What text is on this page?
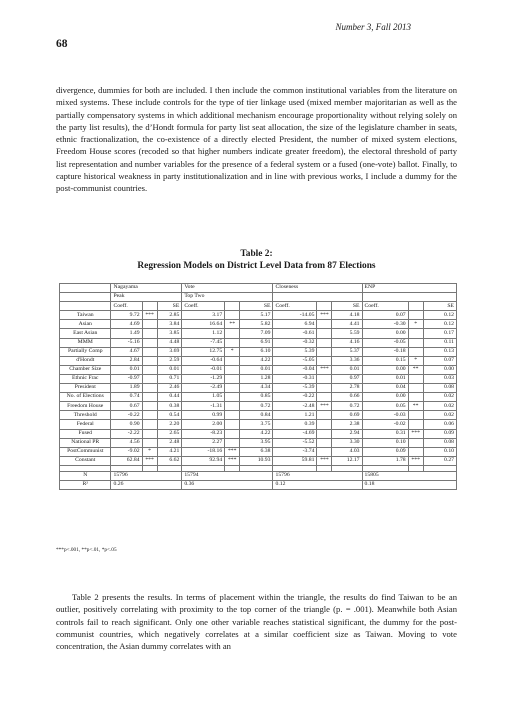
Number 3, Fall 2013
68

divergence, dummies for both are included. I then include the common institutional variables from the literature on mixed systems. These include controls for the type of tier linkage used (mixed member majoritarian as well as the partially compensatory systems in which additional mechanism encourage proportionality without relying solely on the party list results), the d’Hondt formula for party list seat allocation, the size of the legislature chamber in seats, ethnic fractionalization, the co-existence of a directly elected President, the number of mixed system elections, Freedom House scores (recoded so that higher numbers indicate greater freedom), the electoral threshold of party list representation and number variables for the presence of a federal system or a fused (one-vote) ballot. Finally, to capture historical weakness in party institutionalization and in line with previous works, I include a dummy for the post-communist countries.

Table 2:
Regression Models on District Level Data from 87 Elections
	Nagayama			Vote			Closeness			ENP		
	Peak			Top Two								
	Coeff.		SE	Coeff.		SE	Coeff.		SE	Coeff.		SE
Taiwan	9.72	***	2.85	3.17		5.17	-14.05	***	4.18	0.07		0.12
Asian	4.69		3.84	16.64	**	5.82	6.94		4.41	-0.30	*	0.12
East Asian	1.49		3.85	1.12		7.09	-0.61		5.59	0.00		0.17
MMM	-5.16		4.48	-7.45		6.91	-0.32		4.16	-0.05		0.11
Partially Comp	4.67		3.69	12.75	*	6.10	5.39		5.37	-0.18		0.13
d'Hondt	2.84		2.59	-0.64		4.22	-5.05		3.36	0.15	*	0.07
Chamber Size	0.01		0.01	-0.01		0.01	-0.04	***	0.01	0.00	**	0.00
Ethnic Frac	-0.97		0.71	-1.29		1.28	-0.31		0.97	0.01		0.03
President	1.89		2.46	-2.49		4.34	-5.39		2.78	0.04		0.08
No. of Elections	0.74		0.44	1.05		0.85	-0.22		0.66	0.00		0.02
Freedom House	0.67		0.38	-1.31		0.72	-2.48	***	0.72	0.05	**	0.02
Threshold	-0.22		0.54	0.99		0.84	1.21		0.69	-0.03		0.02
Federal	0.90		2.20	2.00		3.75	0.39		2.38	-0.02		0.06
Fused	-2.22		2.65	-8.23		4.22	-4.69		2.94	0.31	***	0.09
National PR	4.56		2.48	2.27		3.95	-5.52		3.30	0.10		0.08
PostCommunist	-9.02	*	4.21	-18.16	***	6.38	-3.74		4.03	0.09		0.10
Constant	62.84	***	6.62	92.94	***	10.93	59.81	***	12.17	1.78	***	0.27

N	15796			15794			15796			15805		
R²	0.26			0.36			0.12			0.18		
***p<.001, **p<.01, *p<.05

Table 2 presents the results. In terms of placement within the triangle, the results do find Taiwan to be an outlier, positively correlating with proximity to the top corner of the triangle (p. = .001). Meanwhile both Asian controls fail to reach significant. Only one other variable reaches statistical significant, the dummy for the post-communist countries, which negatively correlates at a similar coefficient size as Taiwan. Moving to vote concentration, the Asian dummy correlates with an
